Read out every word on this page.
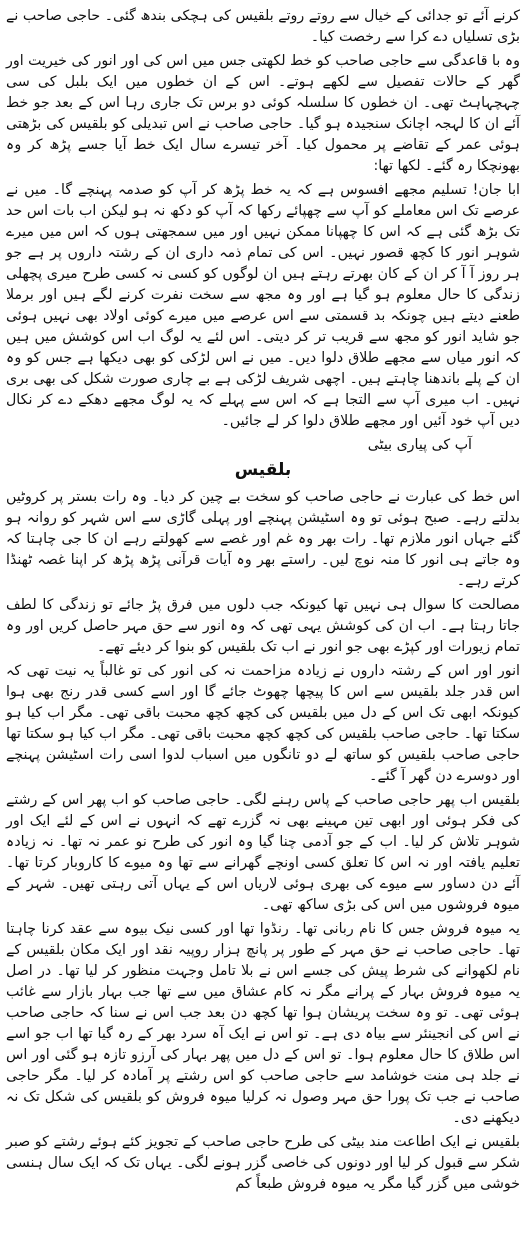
کرنے آئے تو جدائی کے خیال سے روتے روتے بلقیس کی ہچکی بندھ گئی۔ حاجی صاحب نے بڑی تسلیاں دے کرا سے رخصت کیا۔

وہ با قاعدگی سے حاجی صاحب کو خط لکھتی جس میں اس کی اور انور کی خیریت اور گھر کے حالات تفصیل سے لکھے ہوتے۔ اس کے ان خطوں میں ایک بلبل کی سی چہچہاہٹ تھی۔ ان خطوں کا سلسلہ کوئی دو برس تک جاری رہا اس کے بعد جو خط آئے ان کا لہجہ اچانک سنجیدہ ہو گیا۔ حاجی صاحب نے اس تبدیلی کو بلقیس کی بڑھتی ہوئی عمر کے تقاضے پر محمول کیا۔ آخر تیسرے سال ایک خط آیا جسے پڑھ کر وہ بھونچکا رہ گئے۔ لکھا تھا:

ابا جان! تسلیم مجھے افسوس ہے کہ یہ خط پڑھ کر آپ کو صدمہ پہنچے گا۔ میں نے عرصے تک اس معاملے کو آپ سے چھپائے رکھا کہ آپ کو دکھ نہ ہو لیکن اب بات اس حد تک بڑھ گئی ہے کہ اس کا چھپانا ممکن نہیں اور میں سمجھتی ہوں کہ اس میں میرے شوہر انور کا کچھ قصور نہیں۔ اس کی تمام ذمہ داری ان کے رشتہ داروں پر ہے جو ہر روز آ آ کر ان کے کان بھرتے رہتے ہیں ان لوگوں کو کسی نہ کسی طرح میری پچھلی زندگی کا حال معلوم ہو گیا ہے اور وہ مجھ سے سخت نفرت کرنے لگے ہیں اور برملا طعنے دیتے ہیں چونکہ بد قسمتی سے اس عرصے میں میرے کوئی اولاد بھی نہیں ہوئی جو شاید انور کو مجھ سے قریب تر کر دیتی۔ اس لئے یہ لوگ اب اس کوشش میں ہیں کہ انور میاں سے مجھے طلاق دلوا دیں۔ میں نے اس لڑکی کو بھی دیکھا ہے جس کو وہ ان کے پلے باندھنا چاہتے ہیں۔ اچھی شریف لڑکی ہے بے چاری صورت شکل کی بھی بری نہیں۔ اب میری آپ سے التجا ہے کہ اس سے پہلے کہ یہ لوگ مجھے دھکے دے کر نکال دیں آپ خود آئیں اور مجھے طلاق دلوا کر لے جائیں۔

آپ کی پیاری بیٹی

بلقیس

اس خط کی عبارت نے حاجی صاحب کو سخت بے چین کر دیا۔ وہ رات بستر پر کروٹیں بدلتے رہے۔ صبح ہوئی تو وہ اسٹیشن پہنچے اور پہلی گاڑی سے اس شہر کو روانہ ہو گئے جہاں انور ملازم تھا۔ رات بھر وہ غم اور غصے سے کھولتے رہے ان کا جی چاہتا کہ وہ جاتے ہی انور کا منہ نوچ لیں۔ راستے بھر وہ آیات قرآنی پڑھ پڑھ کر اپنا غصہ ٹھنڈا کرتے رہے۔

مصالحت کا سوال ہی نہیں تھا کیونکہ جب دلوں میں فرق پڑ جائے تو زندگی کا لطف جاتا رہتا ہے۔ اب ان کی کوشش یہی تھی کہ وہ انور سے حق مہر حاصل کریں اور وہ تمام زیورات اور کپڑے بھی جو انور نے اب تک بلقیس کو بنوا کر دیئے تھے۔

انور اور اس کے رشتہ داروں نے زیادہ مزاحمت نہ کی انور کی تو غالباً یہ نیت تھی کہ اس قدر جلد بلقیس سے اس کا پیچھا چھوٹ جائے گا اور اسے کسی قدر رنج بھی ہوا کیونکہ ابھی تک اس کے دل میں بلقیس کی کچھ کچھ محبت باقی تھی۔ مگر اب کیا ہو سکتا تھا۔ حاجی صاحب بلقیس کی کچھ کچھ محبت باقی تھی۔ مگر اب کیا ہو سکتا تھا حاجی صاحب بلقیس کو ساتھ لے دو تانگوں میں اسباب لدوا اسی رات اسٹیشن پہنچے اور دوسرے دن گھر آ گئے۔

بلقیس اب پھر حاجی صاحب کے پاس رہنے لگی۔ حاجی صاحب کو اب پھر اس کے رشتے کی فکر ہوئی اور ابھی تین مہینے بھی نہ گزرے تھے کہ انہوں نے اس کے لئے ایک اور شوہر تلاش کر لیا۔ اب کے جو آدمی چنا گیا وہ انور کی طرح نو عمر نہ تھا۔ نہ زیادہ تعلیم یافتہ اور نہ اس کا تعلق کسی اونچے گھرانے سے تھا وہ میوے کا کاروبار کرتا تھا۔ آئے دن دساور سے میوے کی بھری ہوئی لاریاں اس کے یہاں آتی رہتی تھیں۔ شہر کے میوہ فروشوں میں اس کی بڑی ساکھ تھی۔

یہ میوہ فروش جس کا نام ربانی تھا۔ رنڈوا تھا اور کسی نیک بیوہ سے عقد کرنا چاہتا تھا۔ حاجی صاحب نے حق مہر کے طور پر پانچ ہزار روپیہ نقد اور ایک مکان بلقیس کے نام لکھوانے کی شرط پیش کی جسے اس نے بلا تامل وجہت منظور کر لیا تھا۔ در اصل یہ میوہ فروش بہار کے پرانے مگر نہ کام عشاق میں سے تھا جب بہار بازار سے غائب ہوئی تھی۔ تو وہ سخت پریشان ہوا تھا کچھ دن بعد جب اس نے سنا کہ حاجی صاحب نے اس کی انجینئر سے بیاہ دی ہے۔ تو اس نے ایک آہ سرد بھر کے رہ گیا تھا اب جو اسے اس طلاق کا حال معلوم ہوا۔ تو اس کے دل میں پھر بہار کی آرزو تازہ ہو گئی اور اس نے جلد ہی منت خوشامد سے حاجی صاحب کو اس رشتے پر آمادہ کر لیا۔ مگر حاجی صاحب نے جب تک پورا حق مہر وصول نہ کرلیا میوہ فروش کو بلقیس کی شکل تک نہ دیکھنے دی۔

بلقیس نے ایک اطاعت مند بیٹی کی طرح حاجی صاحب کے تجویز کئے ہوئے رشتے کو صبر شکر سے قبول کر لیا اور دونوں کی خاصی گزر ہونے لگی۔ یہاں تک کہ ایک سال ہنسی خوشی میں گزر گیا مگر یہ میوہ فروش طبعاً کم
